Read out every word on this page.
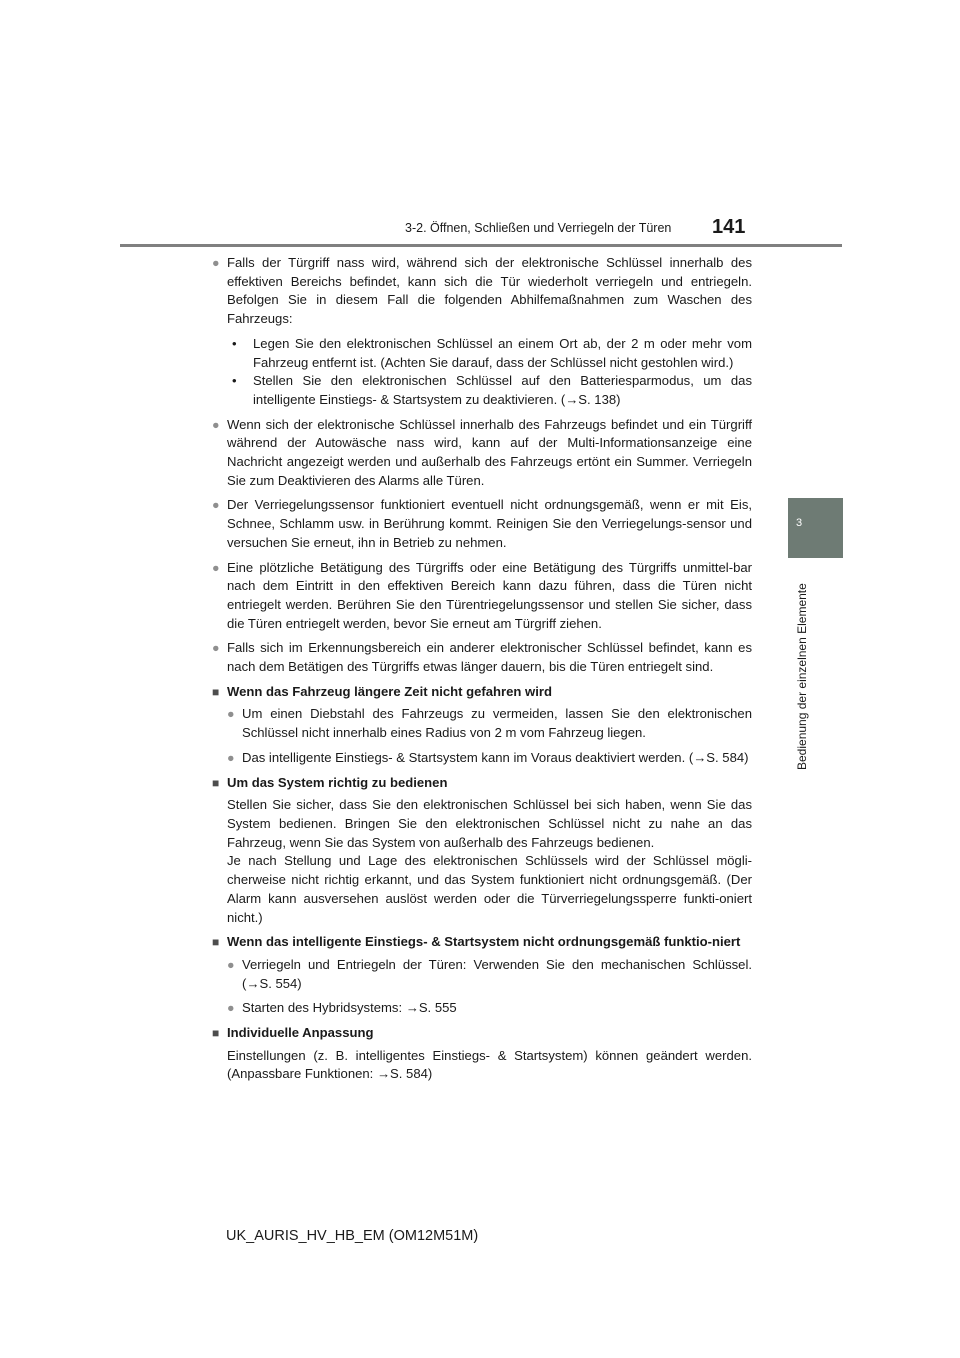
3-2. Öffnen, Schließen und Verriegeln der Türen 141
3
Bedienung der einzelnen Elemente
● Falls der Türgriff nass wird, während sich der elektronische Schlüssel innerhalb des effektiven Bereichs befindet, kann sich die Tür wiederholt verriegeln und entriegeln. Befolgen Sie in diesem Fall die folgenden Abhilfemaßnahmen zum Waschen des Fahrzeugs:
• Legen Sie den elektronischen Schlüssel an einem Ort ab, der 2 m oder mehr vom Fahrzeug entfernt ist. (Achten Sie darauf, dass der Schlüssel nicht gestohlen wird.)
• Stellen Sie den elektronischen Schlüssel auf den Batteriesparmodus, um das intelligente Einstiegs- & Startsystem zu deaktivieren. (→S. 138)
● Wenn sich der elektronische Schlüssel innerhalb des Fahrzeugs befindet und ein Türgriff während der Autowäsche nass wird, kann auf der Multi-Informationsanzeige eine Nachricht angezeigt werden und außerhalb des Fahrzeugs ertönt ein Summer. Verriegeln Sie zum Deaktivieren des Alarms alle Türen.
● Der Verriegelungssensor funktioniert eventuell nicht ordnungsgemäß, wenn er mit Eis, Schnee, Schlamm usw. in Berührung kommt. Reinigen Sie den Verriegelungs-sensor und versuchen Sie erneut, ihn in Betrieb zu nehmen.
● Eine plötzliche Betätigung des Türgriffs oder eine Betätigung des Türgriffs unmittel-bar nach dem Eintritt in den effektiven Bereich kann dazu führen, dass die Türen nicht entriegelt werden. Berühren Sie den Türentriegelungssensor und stellen Sie sicher, dass die Türen entriegelt werden, bevor Sie erneut am Türgriff ziehen.
● Falls sich im Erkennungsbereich ein anderer elektronischer Schlüssel befindet, kann es nach dem Betätigen des Türgriffs etwas länger dauern, bis die Türen entriegelt sind.
■ Wenn das Fahrzeug längere Zeit nicht gefahren wird
● Um einen Diebstahl des Fahrzeugs zu vermeiden, lassen Sie den elektronischen Schlüssel nicht innerhalb eines Radius von 2 m vom Fahrzeug liegen.
● Das intelligente Einstiegs- & Startsystem kann im Voraus deaktiviert werden. (→S. 584)
■ Um das System richtig zu bedienen
Stellen Sie sicher, dass Sie den elektronischen Schlüssel bei sich haben, wenn Sie das System bedienen. Bringen Sie den elektronischen Schlüssel nicht zu nahe an das Fahrzeug, wenn Sie das System von außerhalb des Fahrzeugs bedienen.
Je nach Stellung und Lage des elektronischen Schlüssels wird der Schlüssel mögli-cherweise nicht richtig erkannt, und das System funktioniert nicht ordnungsgemäß. (Der Alarm kann ausversehen auslöst werden oder die Türverriegelungssperre funkti-oniert nicht.)
■ Wenn das intelligente Einstiegs- & Startsystem nicht ordnungsgemäß funktio-niert
● Verriegeln und Entriegeln der Türen: Verwenden Sie den mechanischen Schlüssel. (→S. 554)
● Starten des Hybridsystems: →S. 555
■ Individuelle Anpassung
Einstellungen (z. B. intelligentes Einstiegs- & Startsystem) können geändert werden. (Anpassbare Funktionen: →S. 584)
UK_AURIS_HV_HB_EM (OM12M51M)
